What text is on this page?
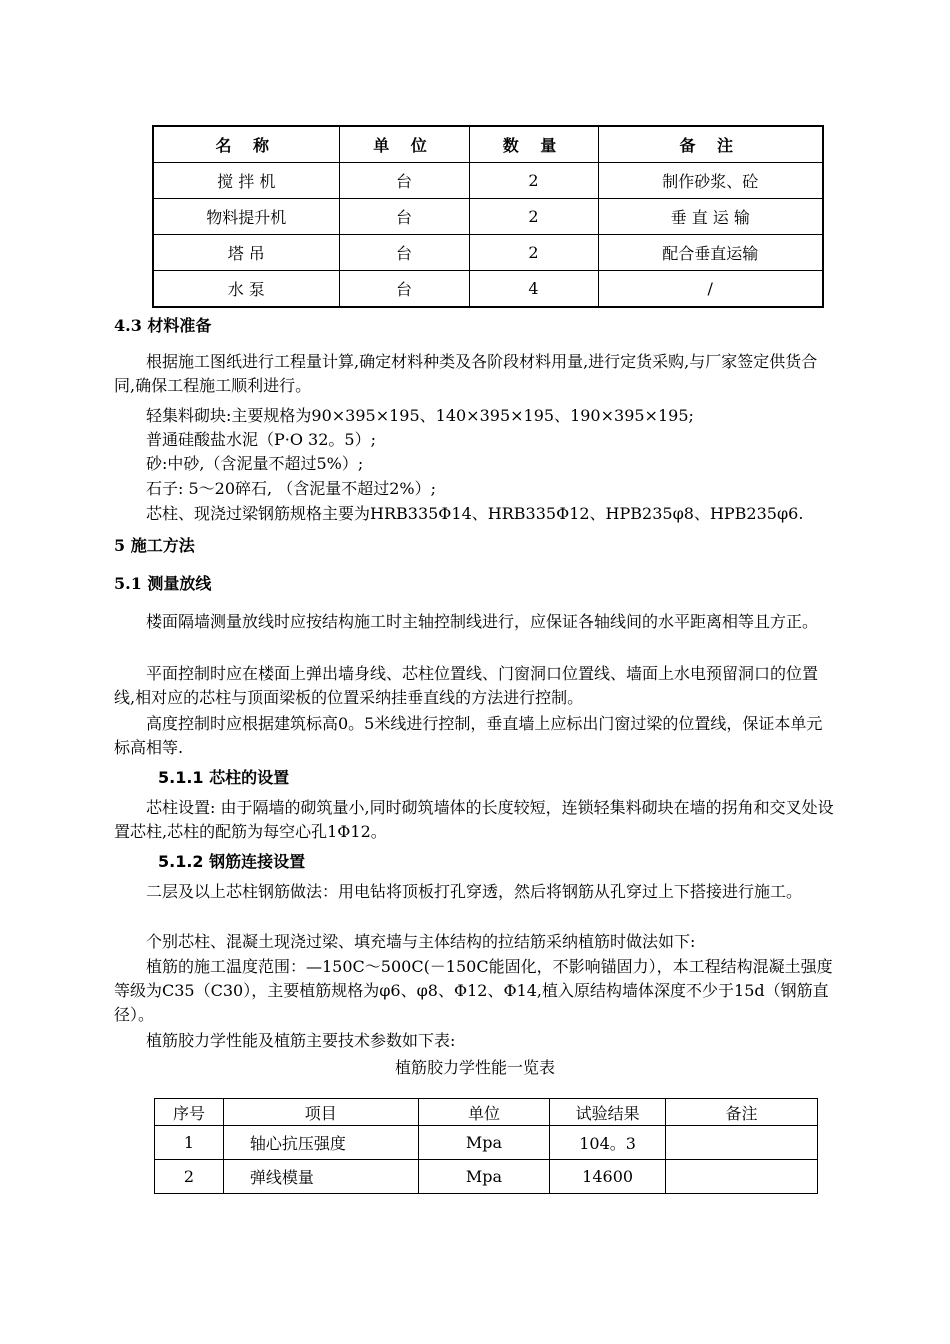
名 称	单 位	数 量	备 注
搅 拌 机	台	2	制作砂浆、砼
物料提升机	台	2	垂 直 运 输
塔 吊	台	2	配合垂直运输
水 泵	台	4	/
4.3 材料准备

根据施工图纸进行工程量计算,确定材料种类及各阶段材料用量,进行定货采购,与厂家签定供货合同,确保工程施工顺利进行。

轻集料砌块:主要规格为90×395×195、140×395×195、190×395×195;

普通硅酸盐水泥（P·O 32。5）;

砂:中砂,（含泥量不超过5%）;

石子: 5～20碎石, （含泥量不超过2%）;

芯柱、现浇过梁钢筋规格主要为HRB335Φ14、HRB335Φ12、HPB235φ8、HPB235φ6.

5 施工方法
5.1 测量放线

楼面隔墙测量放线时应按结构施工时主轴控制线进行，应保证各轴线间的水平距离相等且方正。

平面控制时应在楼面上弹出墙身线、芯柱位置线、门窗洞口位置线、墙面上水电预留洞口的位置线,相对应的芯柱与顶面梁板的位置采纳挂垂直线的方法进行控制。

高度控制时应根据建筑标高0。5米线进行控制，垂直墙上应标出门窗过梁的位置线，保证本单元标高相等.

5.1.1 芯柱的设置

芯柱设置: 由于隔墙的砌筑量小,同时砌筑墙体的长度较短，连锁轻集料砌块在墙的拐角和交叉处设置芯柱,芯柱的配筋为每空心孔1Φ12。

5.1.2 钢筋连接设置

二层及以上芯柱钢筋做法：用电钻将顶板打孔穿透，然后将钢筋从孔穿过上下搭接进行施工。

个别芯柱、混凝土现浇过梁、填充墙与主体结构的拉结筋采纳植筋时做法如下:

植筋的施工温度范围：—150C～500C(－150C能固化，不影响锚固力），本工程结构混凝土强度等级为C35（C30），主要植筋规格为φ6、φ8、Φ12、Φ14,植入原结构墙体深度不少于15d（钢筋直径）。

植筋胶力学性能及植筋主要技术参数如下表:

植筋胶力学性能一览表
序号	项目	单位	试验结果	备注
1	轴心抗压强度	Mpa	104。3	
2	弹线模量	Mpa	14600	
